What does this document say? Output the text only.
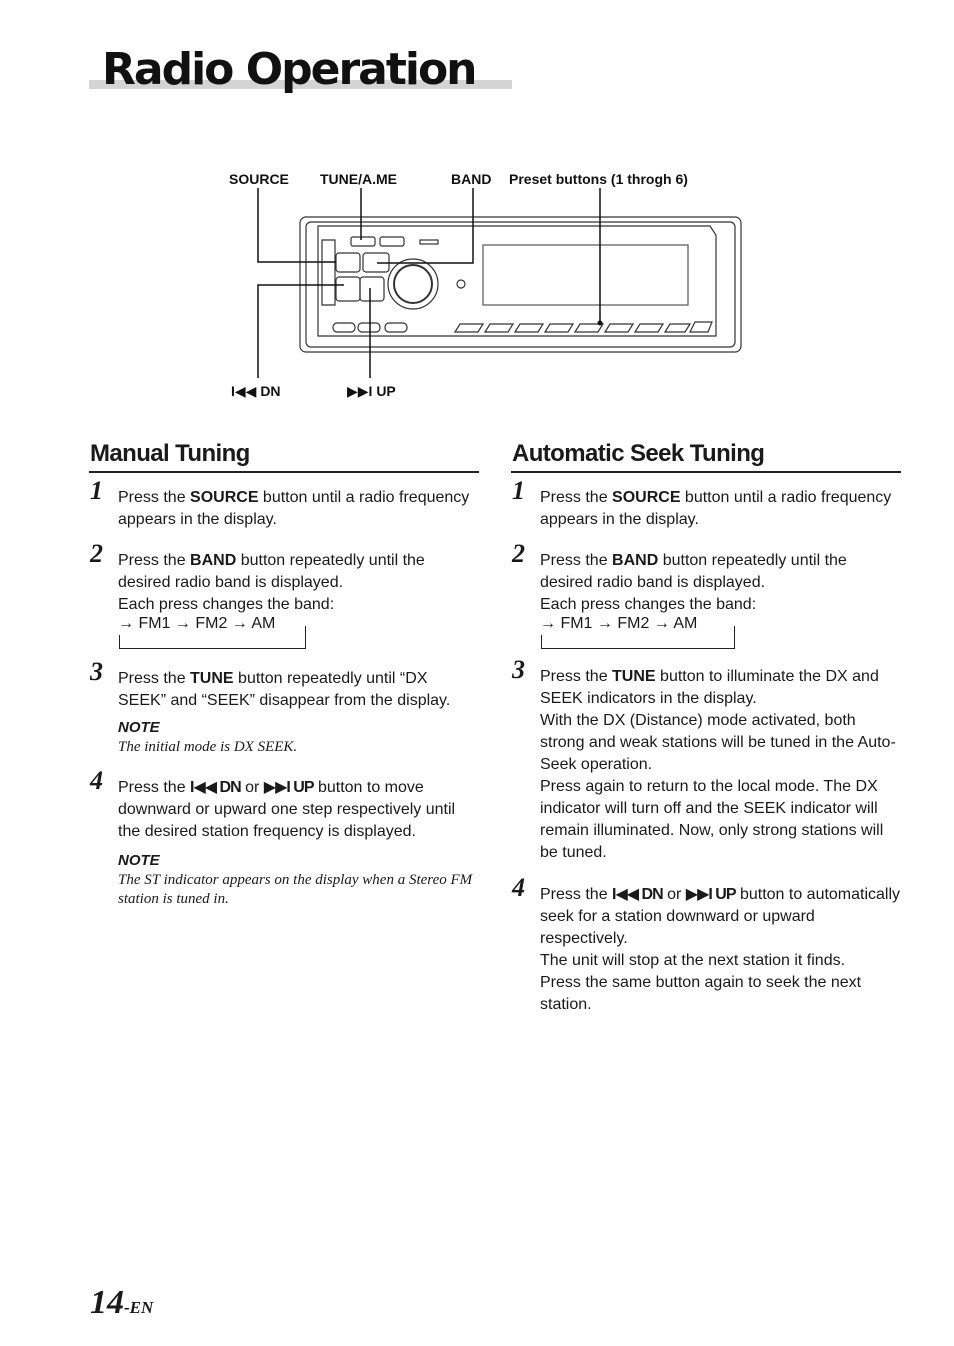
Radio Operation
SOURCE TUNE/A.ME	BAND Preset buttons (1 throgh 6)
I◀◀ DN	▶▶I UP
Manual Tuning
1 Press the SOURCE button until a radio frequency appears in the display.

2 Press the BAND button repeatedly until the desired radio band is displayed.

Each press changes the band:

→ FM1 → FM2 → AM
3 Press the TUNE button repeatedly until “DX SEEK” and “SEEK” disappear from the display.

NOTE
The initial mode is DX SEEK.
4 Press the I◀◀ DN or ▶▶I UP button to move downward or upward one step respectively until the desired station frequency is displayed.

NOTE
The ST indicator appears on the display when a Stereo FM station is tuned in.
Automatic Seek Tuning
1 Press the SOURCE button until a radio frequency appears in the display.

2 Press the BAND button repeatedly until the desired radio band is displayed.

Each press changes the band:

→ FM1 → FM2 → AM
3 Press the TUNE button to illuminate the DX and SEEK indicators in the display.

With the DX (Distance) mode activated, both strong and weak stations will be tuned in the Auto-Seek operation.

Press again to return to the local mode. The DX indicator will turn off and the SEEK indicator will remain illuminated. Now, only strong stations will be tuned.

4 Press the I◀◀ DN or ▶▶I UP button to automatically seek for a station downward or upward respectively.

The unit will stop at the next station it finds.

Press the same button again to seek the next station.

14-EN
